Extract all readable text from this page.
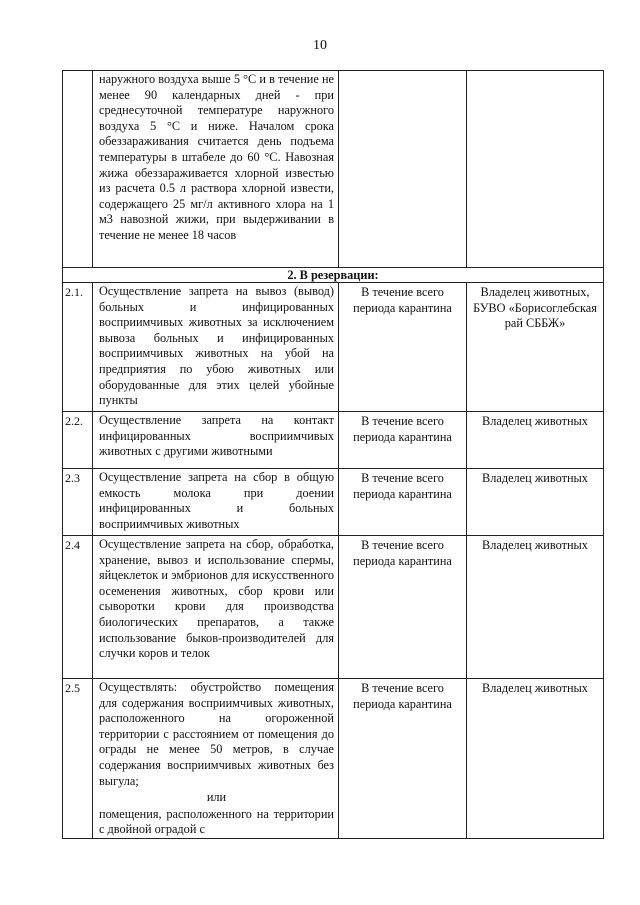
10

	наружного воздуха выше 5 °С и в течение не менее 90 календарных дней - при среднесуточной температуре наружного воздуха 5 °С и ниже. Началом срока обеззараживания считается день подъема температуры в штабеле до 60 °С. Навозная жижа обеззараживается хлорной известью из расчета 0.5 л раствора хлорной извести, содержащего 25 мг/л активного хлора на 1 м3 навозной жижи, при выдерживании в течение не менее 18 часов		

2. В резервации:			

2.1.	Осуществление запрета на вывоз (вывод) больных и инфицированных восприимчивых животных за исключением вывоза больных и инфицированных восприимчивых животных на убой на предприятия по убою животных или оборудованные для этих целей убойные пункты	В течение всего периода карантина	Владелец животных, БУВО «Борисоглебская рай СББЖ»

2.2.	Осуществление запрета на контакт инфицированных восприимчивых животных с другими животными	В течение всего периода карантина	Владелец животных

2.3	Осуществление запрета на сбор в общую емкость молока при доении инфицированных и больных восприимчивых животных	В течение всего периода карантина	Владелец животных

2.4	Осуществление запрета на сбор, обработка, хранение, вывоз и использование спермы, яйцеклеток и эмбрионов для искусственного осеменения животных, сбор крови или сыворотки крови для производства биологических препаратов, а также использование быков-производителей для случки коров и телок	В течение всего периода карантина	Владелец животных

2.5	Осуществлять: обустройство помещения для содержания восприимчивых животных, расположенного на огороженной территории с расстоянием от помещения до ограды не менее 50 метров, в случае содержания восприимчивых животных без выгула;
или
помещения, расположенного на территории с двойной оградой с	В течение всего периода карантина	Владелец животных
